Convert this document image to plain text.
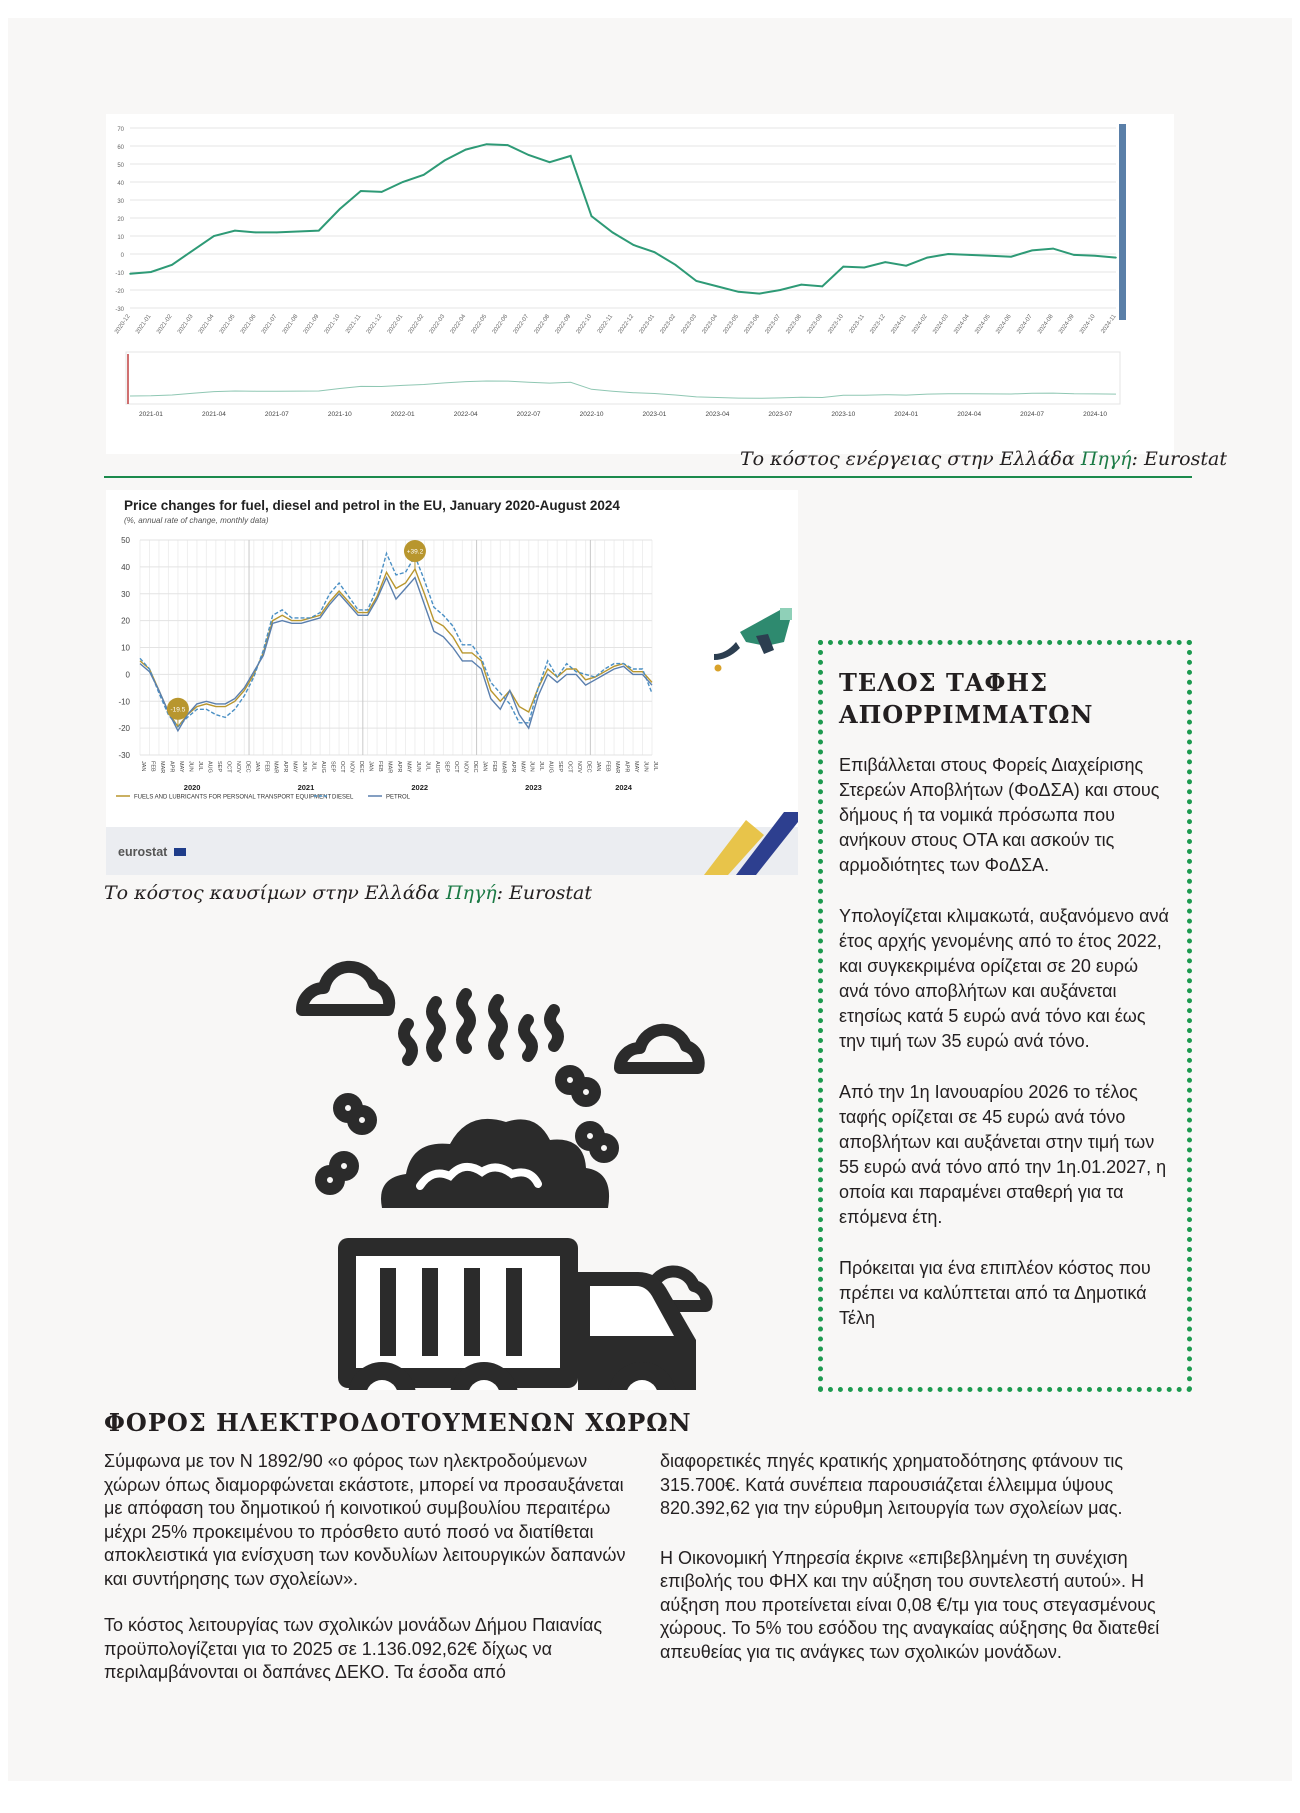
-30
-20
-10
0
10
20
30
40
50
60
70
2020-12 2021-01 2021-02 2021-03 2021-04 2021-05 2021-06 2021-07 2021-08 2021-09 2021-10 2021-11 2021-12 2022-01 2022-02 2022-03 2022-04 2022-05 2022-06 2022-07 2022-08 2022-09 2022-10 2022-11 2022-12 2023-01 2023-02 2023-03 2023-04 2023-05 2023-06 2023-07 2023-08 2023-09 2023-10 2023-11 2023-12 2024-01 2024-02 2024-03 2024-04 2024-05 2024-06 2024-07 2024-08 2024-09 2024-10 2024-11
2021-01	2021-04	2021-07	2021-10	2022-01	2022-04	2022-07	2022-10	2023-01	2023-04	2023-07	2023-10	2024-01	2024-04	2024-07	2024-10
Το κόστος ενέργειας στην Ελλάδα Πηγή: Eurostat
Price changes for fuel, diesel and petrol in the EU, January 2020-August 2024
(%, annual rate of change, monthly data)
-30
-20
-10
0
10
20
30
40
50
JAN FEB MAR APR MAY JUN JUL AUG SEP OCT NOV DEC JAN FEB MAR APR MAY JUN JUL AUG SEP OCT NOV DEC JAN FEB MAR APR MAY JUN JUL AUG SEP OCT NOV DEC JAN FEB MAR APR MAY JUN JUL AUG SEP OCT NOV DEC JAN FEB MAR APR MAY JUN JUL
2020	2021	2022	2023	2024
-19.5
+39.2
FUELS AND LUBRICANTS FOR PERSONAL TRANSPORT EQUIPMENT DIESEL	PETROL
eurostat
Το κόστος καυσίμων στην Ελλάδα Πηγή: Eurostat
ΤΕΛΟΣ ΤΑΦΗΣ
ΑΠΟΡΡΙΜΜΑΤΩΝ

Επιβάλλεται στους Φορείς Διαχείρισης Στερεών Αποβλήτων (ΦοΔΣΑ) και στους δήμους ή τα νομικά πρόσωπα που ανήκουν στους ΟΤΑ και ασκούν τις αρμοδιότητες των ΦοΔΣΑ.

Υπολογίζεται κλιμακωτά, αυξανόμενο ανά έτος αρχής γενομένης από το έτος 2022, και συγκεκριμένα ορίζεται σε 20 ευρώ ανά τόνο αποβλήτων και αυξάνεται ετησίως κατά 5 ευρώ ανά τόνο και έως την τιμή των 35 ευρώ ανά τόνο.

Από την 1η Ιανουαρίου 2026 το τέλος ταφής ορίζεται σε 45 ευρώ ανά τόνο αποβλήτων και αυξάνεται στην τιμή των 55 ευρώ ανά τόνο από την 1η.01.2027, η οποία και παραμένει σταθερή για τα επόμενα έτη.

Πρόκειται για ένα επιπλέον κόστος που πρέπει να καλύπτεται από τα Δημοτικά Τέλη

ΦΟΡΟΣ ΗΛΕΚΤΡΟΔΟΤΟΥΜΕΝΩΝ ΧΩΡΩΝ

Σύμφωνα με τον Ν 1892/90 «ο φόρος των ηλεκτροδούμενων χώρων όπως διαμορφώνεται εκάστοτε, μπορεί να προσαυξάνεται με απόφαση του δημοτικού ή κοινοτικού συμβουλίου περαιτέρω μέχρι 25% προκειμένου το πρόσθετο αυτό ποσό να διατίθεται αποκλειστικά για ενίσχυση των κονδυλίων λειτουργικών δαπανών και συντήρησης των σχολείων».

Το κόστος λειτουργίας των σχολικών μονάδων Δήμου Παιανίας προϋπολογίζεται για το 2025 σε 1.136.092,62€ δίχως να περιλαμβάνονται οι δαπάνες ΔΕΚΟ. Τα έσοδα από

διαφορετικές πηγές κρατικής χρηματοδότησης φτάνουν τις 315.700€. Κατά συνέπεια παρουσιάζεται έλλειμμα ύψους 820.392,62 για την εύρυθμη λειτουργία των σχολείων μας.

Η Οικονομική Υπηρεσία έκρινε «επιβεβλημένη τη συνέχιση επιβολής του ΦΗΧ και την αύξηση του συντελεστή αυτού». Η αύξηση που προτείνεται είναι 0,08 €/τμ για τους στεγασμένους χώρους. Το 5% του εσόδου της αναγκαίας αύξησης θα διατεθεί απευθείας για τις ανάγκες των σχολικών μονάδων.
